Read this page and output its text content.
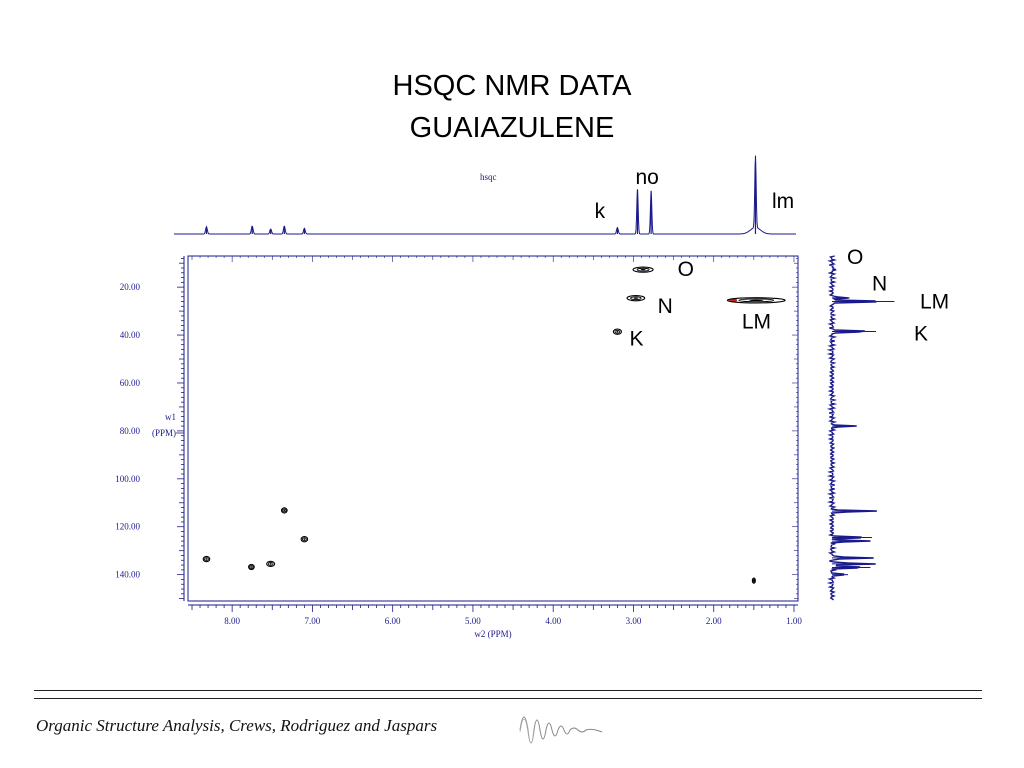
HSQC NMR DATA
GUAIAZULENE
8.00	7.00	6.00	5.00	4.00	3.00	2.00	1.00
20.00
40.00
60.00
80.00
100.00
120.00
140.00
no
k	lm
O
N
LM
K
O
N
LM
K
hsqc
w2 (PPM)
w1
(PPM)
Organic Structure Analysis, Crews, Rodriguez and Jaspars
